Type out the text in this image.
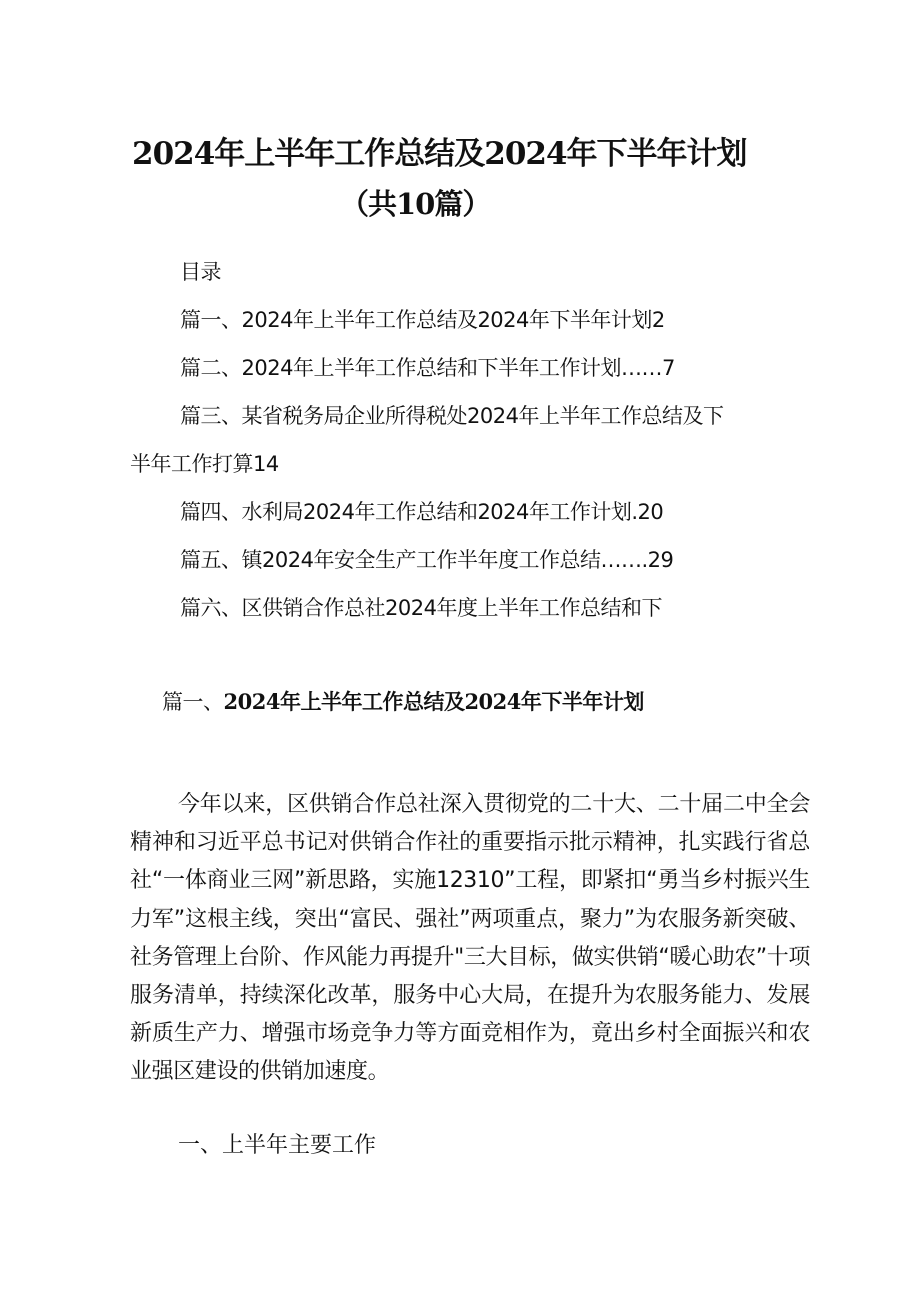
2024年上半年工作总结及2024年下半年计划
（共10篇）
目录
篇一、2024年上半年工作总结及2024年下半年计划2
篇二、2024年上半年工作总结和下半年工作计划……7
篇三、某省税务局企业所得税处2024年上半年工作总结及下
半年工作打算14
篇四、水利局2024年工作总结和2024年工作计划.20
篇五、镇2024年安全生产工作半年度工作总结…….29
篇六、区供销合作总社2024年度上半年工作总结和下
篇一、2024年上半年工作总结及2024年下半年计划
今年以来，区供销合作总社深入贯彻党的二十大、二十届二中全会精神和习近平总书记对供销合作社的重要指示批示精神，扎实践行省总社“一体商业三网”新思路，实施12310”工程，即紧扣“勇当乡村振兴生力军”这根主线，突出“富民、强社”两项重点，聚力”为农服务新突破、社务管理上台阶、作风能力再提升"三大目标，做实供销“暖心助农”十项服务清单，持续深化改革，服务中心大局，在提升为农服务能力、发展新质生产力、增强市场竞争力等方面竞相作为，竟出乡村全面振兴和农业强区建设的供销加速度。
一、上半年主要工作
